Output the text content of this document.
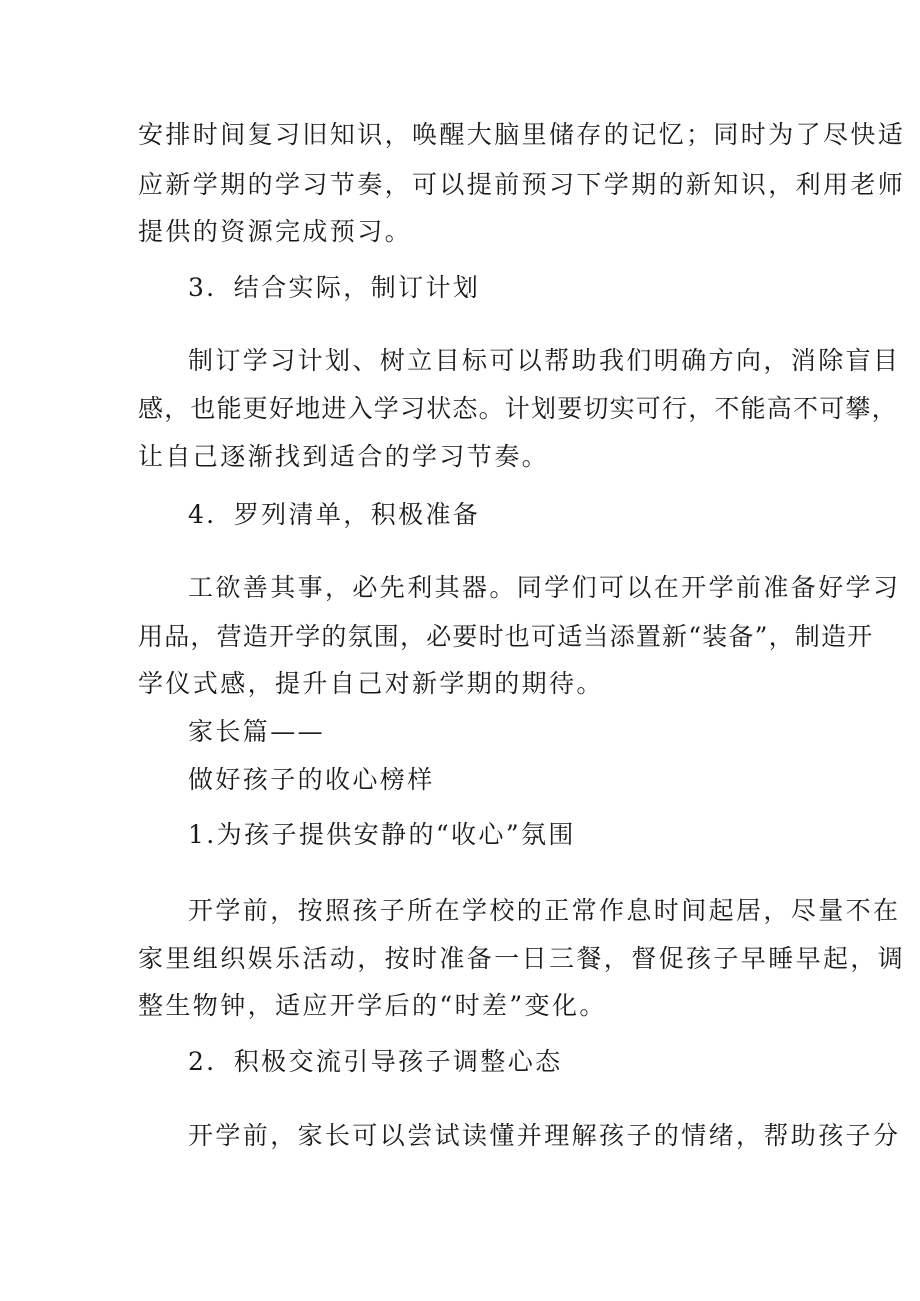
安排时间复习旧知识，唤醒大脑里储存的记忆；同时为了尽快适
应新学期的学习节奏，可以提前预习下学期的新知识，利用老师
提供的资源完成预习。
3．结合实际，制订计划
制订学习计划、树立目标可以帮助我们明确方向，消除盲目
感，也能更好地进入学习状态。计划要切实可行，不能高不可攀，
让自己逐渐找到适合的学习节奏。
4．罗列清单，积极准备
工欲善其事，必先利其器。同学们可以在开学前准备好学习
用品，营造开学的氛围，必要时也可适当添置新“装备”，制造开
学仪式感，提升自己对新学期的期待。
家长篇——
做好孩子的收心榜样
1.为孩子提供安静的“收心”氛围
开学前，按照孩子所在学校的正常作息时间起居，尽量不在
家里组织娱乐活动，按时准备一日三餐，督促孩子早睡早起，调
整生物钟，适应开学后的“时差”变化。
2．积极交流引导孩子调整心态
开学前，家长可以尝试读懂并理解孩子的情绪，帮助孩子分
